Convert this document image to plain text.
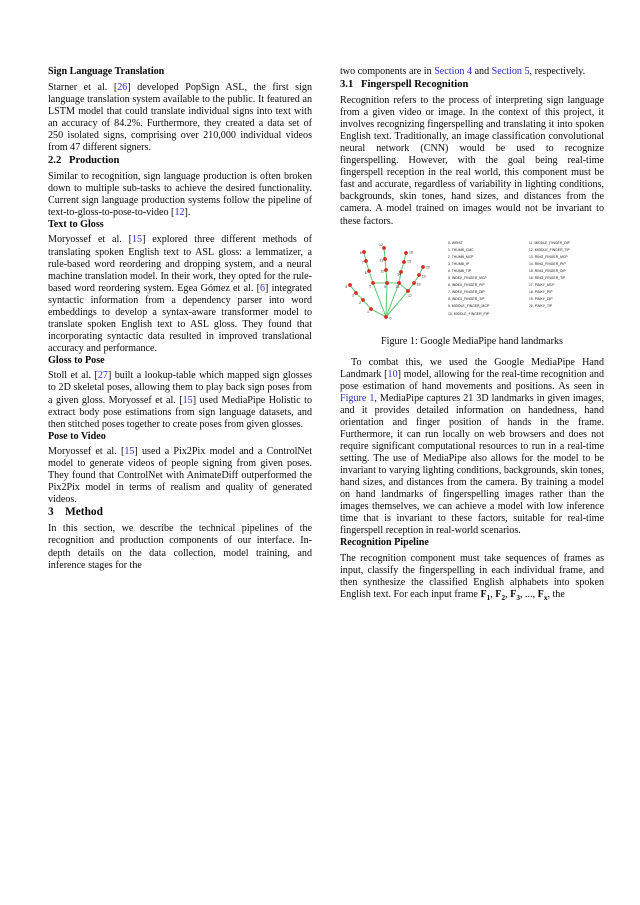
Sign Language Translation

Starner et al. [26] developed PopSign ASL, the first sign language translation system available to the public. It featured an LSTM model that could translate individual signs into text with an accuracy of 84.2%. Furthermore, they created a data set of 250 isolated signs, comprising over 210,000 individual videos from 47 different signers.

2.2 Production

Similar to recognition, sign language production is often broken down to multiple sub-tasks to achieve the desired functionality. Current sign language production systems follow the pipeline of text-to-gloss-to-pose-to-video [12].

Text to Gloss

Moryossef et al. [15] explored three different methods of translating spoken English text to ASL gloss: a lemmatizer, a rule-based word reordering and dropping system, and a neural machine translation model. In their work, they opted for the rule-based word reordering system. Egea Gómez et al. [6] integrated syntactic information from a dependency parser into word embeddings to develop a syntax-aware transformer model to translate spoken English text to ASL gloss. They found that incorporating syntactic data resulted in improved translational accuracy and performance.

Gloss to Pose

Stoll et al. [27] built a lookup-table which mapped sign glosses to 2D skeletal poses, allowing them to play back sign poses from a given gloss. Moryossef et al. [15] used MediaPipe Holistic to extract body pose estimations from sign language datasets, and then stitched poses together to create poses from given glosses.

Pose to Video

Moryossef et al. [15] used a Pix2Pix model and a ControlNet model to generate videos of people signing from given poses. They found that ControlNet with AnimateDiff outperformed the Pix2Pix model in terms of realism and quality of generated videos.

3 Method

In this section, we describe the technical pipelines of the recognition and production components of our interface. In-depth details on the data collection, model training, and inference stages for the

two components are in Section 4 and Section 5, respectively.

3.1 Fingerspell Recognition

Recognition refers to the process of interpreting sign language from a given video or image. In the context of this project, it involves recognizing fingerspelling and translating it into spoken English text. Traditionally, an image classification convolutional neural network (CNN) would be used to recognize fingerspelling. However, with the goal being real-time fingerspell reception in the real world, this component must be fast and accurate, regardless of variability in lighting conditions, backgrounds, skin tones, hand sizes, and distances from the camera. A model trained on images would not be invariant to these factors.

0
1
2
3
4	5
6
7
8
9
10
11
12
13
14
15
16
17
18
19
20
0. WRIST
1. THUMB_CMC
2. THUMB_MCP
3. THUMB_IP
4. THUMB_TIP
5. INDEX_FINGER_MCP
6. INDEX_FINGER_PIP
7. INDEX_FINGER_DIP
8. INDEX_FINGER_TIP
9. MIDDLE_FINGER_MCP
10. MIDDLE_FINGER_PIP
11. MIDDLE_FINGER_DIP
12. MIDDLE_FINGER_TIP
13. RING_FINGER_MCP
14. RING_FINGER_PIP
15. RING_FINGER_DIP
16. RING_FINGER_TIP
17. PINKY_MCP
18. PINKY_PIP
19. PINKY_DIP
20. PINKY_TIP
Figure 1: Google MediaPipe hand landmarks

To combat this, we used the Google MediaPipe Hand Landmark [10] model, allowing for the real-time recognition and pose estimation of hand movements and positions. As seen in Figure 1, MediaPipe captures 21 3D landmarks in given images, and it provides detailed information on handedness, hand orientation and finger position of hands in the frame. Furthermore, it can run locally on web browsers and does not require significant computational resources to run in a real-time setting. The use of MediaPipe also allows for the model to be invariant to varying lighting conditions, backgrounds, skin tones, hand sizes, and distances from the camera. By training a model on hand landmarks of fingerspelling images rather than the images themselves, we can achieve a model with low inference time that is invariant to these factors, suitable for real-time fingerspell reception in real-world scenarios.

Recognition Pipeline

The recognition component must take sequences of frames as input, classify the fingerspelling in each individual frame, and then synthesize the classified English alphabets into spoken English text. For each input frame $F_1$, $F_2$, $F_3$, ..., $F_x$, the
